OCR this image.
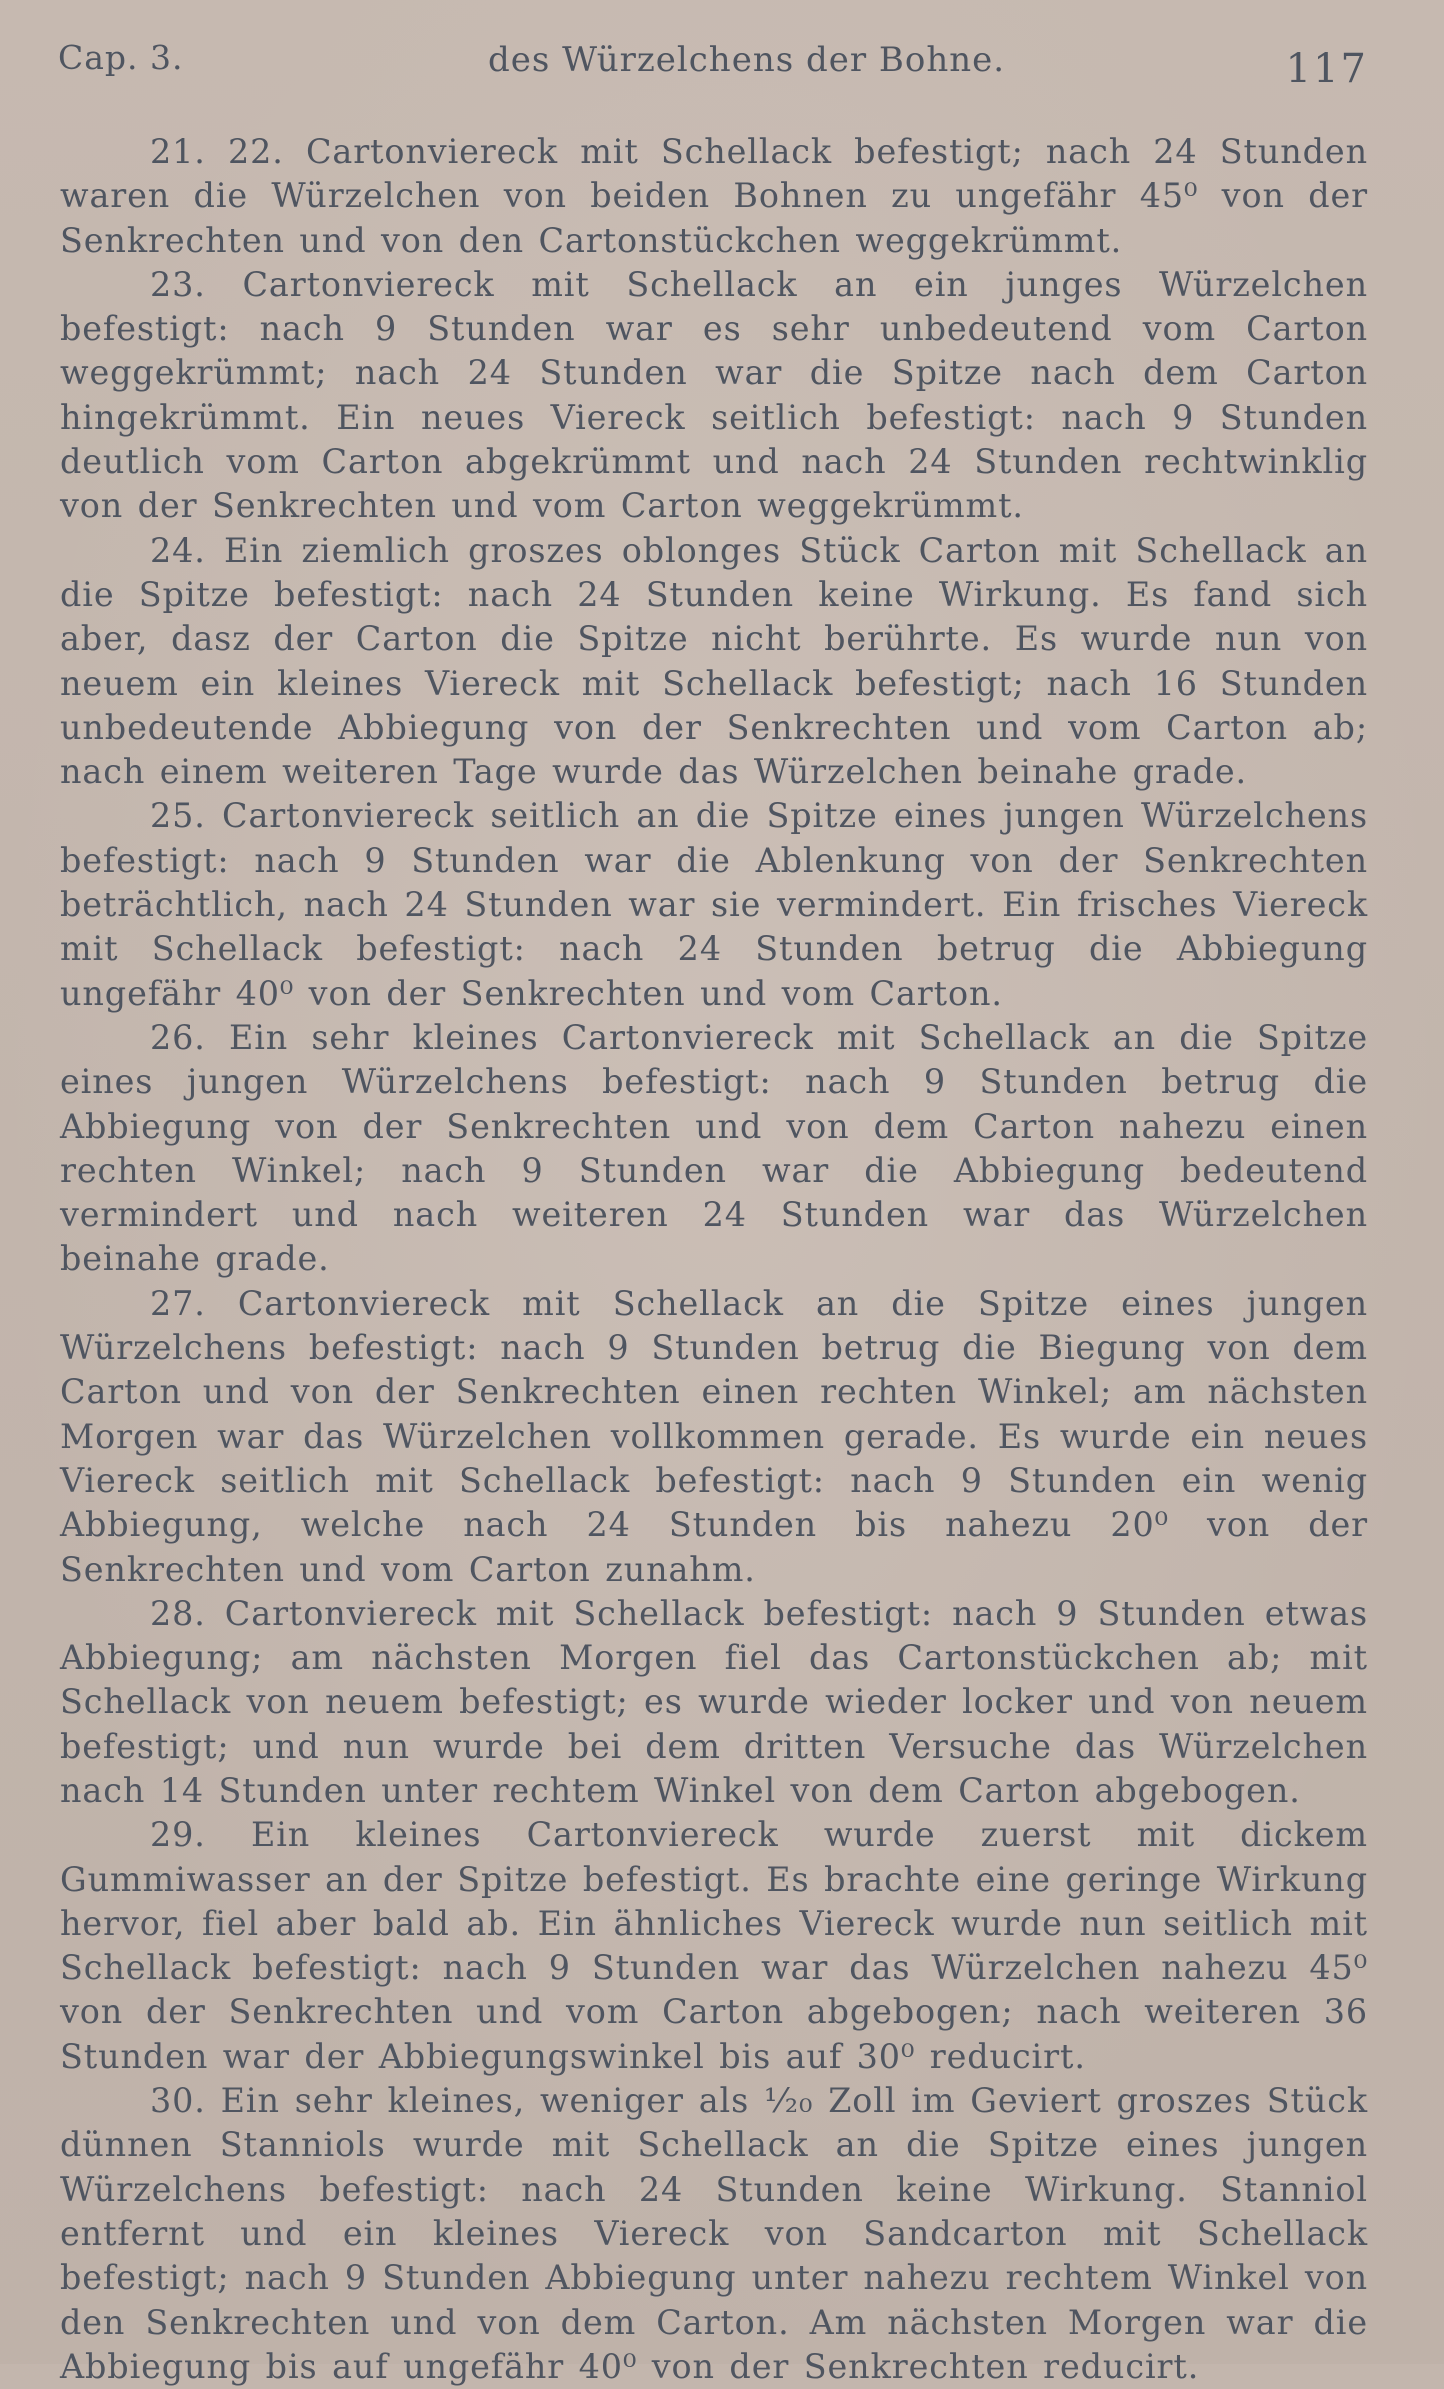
Cap. 3.	des Würzelchens der Bohne.	117

21. 22. Cartonviereck mit Schellack befestigt; nach 24 Stunden waren die Würzelchen von beiden Bohnen zu ungefähr 45⁰ von der Senkrechten und von den Cartonstückchen weggekrümmt.

23. Cartonviereck mit Schellack an ein junges Würzelchen befestigt: nach 9 Stunden war es sehr unbedeutend vom Carton weggekrümmt; nach 24 Stunden war die Spitze nach dem Carton hingekrümmt. Ein neues Viereck seitlich befestigt: nach 9 Stunden deutlich vom Carton abgekrümmt und nach 24 Stunden rechtwinklig von der Senkrechten und vom Carton weggekrümmt.

24. Ein ziemlich groszes oblonges Stück Carton mit Schellack an die Spitze befestigt: nach 24 Stunden keine Wirkung. Es fand sich aber, dasz der Carton die Spitze nicht berührte. Es wurde nun von neuem ein kleines Viereck mit Schellack befestigt; nach 16 Stunden unbedeutende Abbiegung von der Senkrechten und vom Carton ab; nach einem weiteren Tage wurde das Würzelchen beinahe grade.

25. Cartonviereck seitlich an die Spitze eines jungen Würzelchens befestigt: nach 9 Stunden war die Ablenkung von der Senkrechten beträchtlich, nach 24 Stunden war sie vermindert. Ein frisches Viereck mit Schellack befestigt: nach 24 Stunden betrug die Abbiegung ungefähr 40⁰ von der Senkrechten und vom Carton.

26. Ein sehr kleines Cartonviereck mit Schellack an die Spitze eines jungen Würzelchens befestigt: nach 9 Stunden betrug die Abbiegung von der Senkrechten und von dem Carton nahezu einen rechten Winkel; nach 9 Stunden war die Abbiegung bedeutend vermindert und nach weiteren 24 Stunden war das Würzelchen beinahe grade.

27. Cartonviereck mit Schellack an die Spitze eines jungen Würzelchens befestigt: nach 9 Stunden betrug die Biegung von dem Carton und von der Senkrechten einen rechten Winkel; am nächsten Morgen war das Würzelchen vollkommen gerade. Es wurde ein neues Viereck seitlich mit Schellack befestigt: nach 9 Stunden ein wenig Abbiegung, welche nach 24 Stunden bis nahezu 20⁰ von der Senkrechten und vom Carton zunahm.

28. Cartonviereck mit Schellack befestigt: nach 9 Stunden etwas Abbiegung; am nächsten Morgen fiel das Cartonstückchen ab; mit Schellack von neuem befestigt; es wurde wieder locker und von neuem befestigt; und nun wurde bei dem dritten Versuche das Würzelchen nach 14 Stunden unter rechtem Winkel von dem Carton abgebogen.

29. Ein kleines Cartonviereck wurde zuerst mit dickem Gummiwasser an der Spitze befestigt. Es brachte eine geringe Wirkung hervor, fiel aber bald ab. Ein ähnliches Viereck wurde nun seitlich mit Schellack befestigt: nach 9 Stunden war das Würzelchen nahezu 45⁰ von der Senkrechten und vom Carton abgebogen; nach weiteren 36 Stunden war der Abbiegungswinkel bis auf 30⁰ reducirt.

30. Ein sehr kleines, weniger als ¹⁄₂₀ Zoll im Geviert groszes Stück dünnen Stanniols wurde mit Schellack an die Spitze eines jungen Würzelchens befestigt: nach 24 Stunden keine Wirkung. Stanniol entfernt und ein kleines Viereck von Sandcarton mit Schellack befestigt; nach 9 Stunden Abbiegung unter nahezu rechtem Winkel von den Senkrechten und von dem Carton. Am nächsten Morgen war die Abbiegung bis auf ungefähr 40⁰ von der Senkrechten reducirt.
